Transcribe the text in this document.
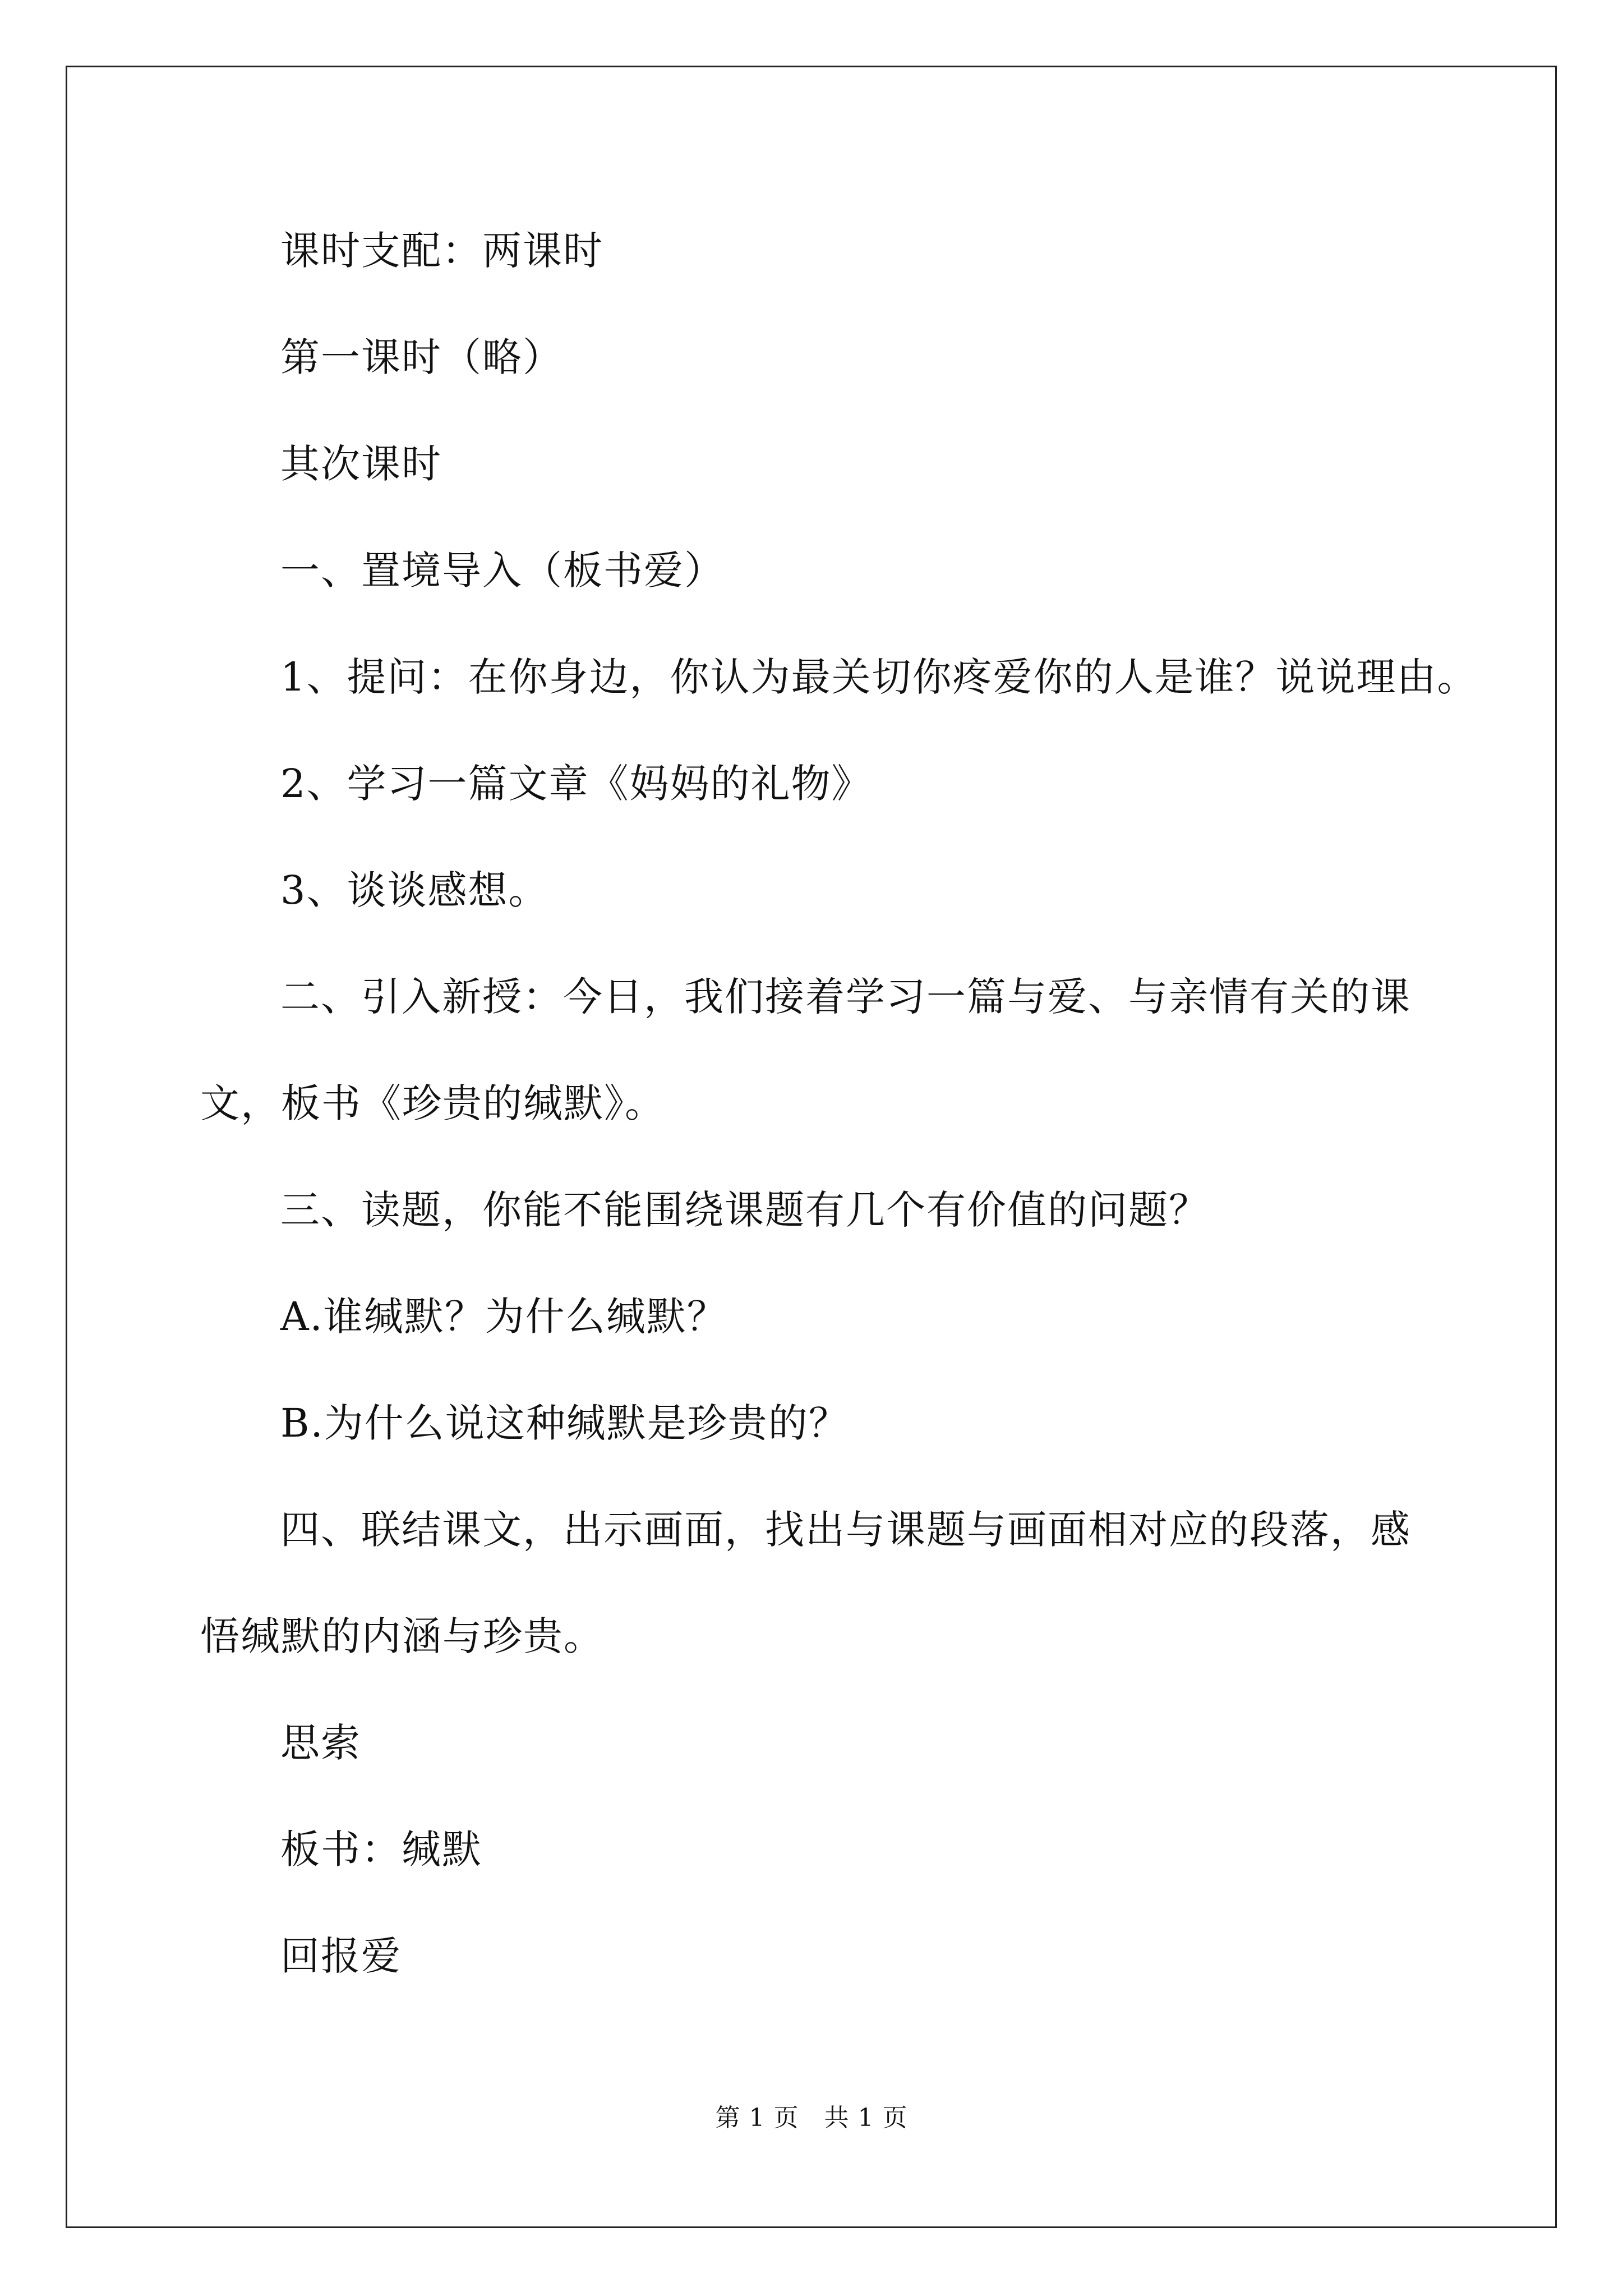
课时支配：两课时
第一课时（略）
其次课时
一、置境导入（板书爱）
1、提问：在你身边，你认为最关切你疼爱你的人是谁？说说理由。
2、学习一篇文章《妈妈的礼物》
3、谈谈感想。
二、引入新授：今日，我们接着学习一篇与爱、与亲情有关的课
文，板书《珍贵的缄默》。
三、读题，你能不能围绕课题有几个有价值的问题？
A.谁缄默？为什么缄默？
B.为什么说这种缄默是珍贵的？
四、联结课文，出示画面，找出与课题与画面相对应的段落，感
悟缄默的内涵与珍贵。
思索
板书：缄默
回报爱
第 1 页   共 1 页
